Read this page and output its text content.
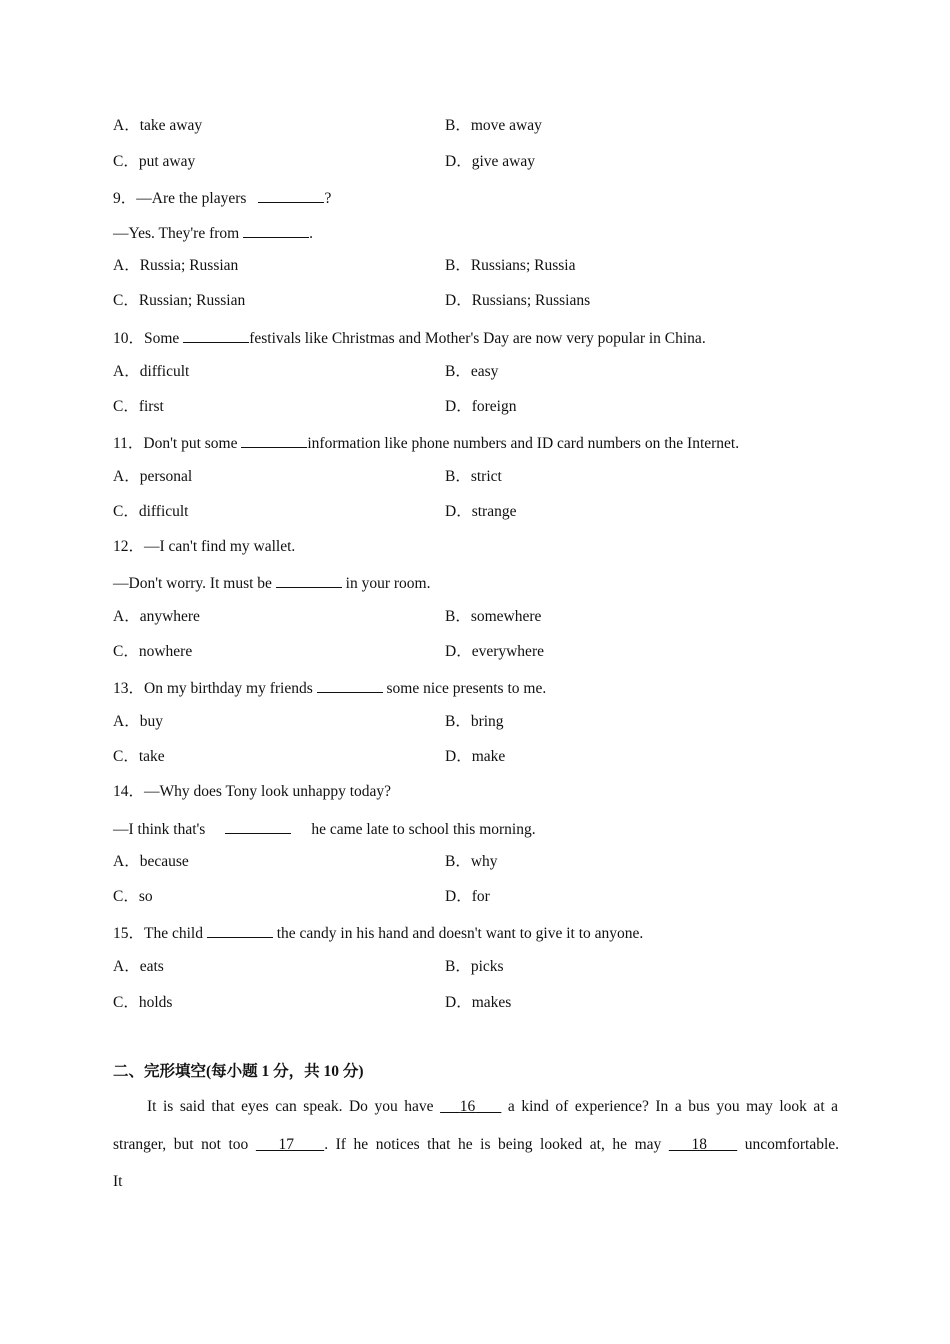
A．take away	B．move away
C．put away	D．give away
9．—Are the players	?
—Yes. They're from	.
A．Russia; Russian	B．Russians; Russia
C．Russian; Russian	D．Russians; Russians
10．Some	festivals like Christmas and Mother's Day are now very popular in China.
A．difficult	B．easy
C．first	D．foreign
11．Don't put some	information like phone numbers and ID card numbers on the Internet.
A．personal	B．strict
C．difficult	D．strange
12．—I can't find my wallet.
—Don't worry. It must be	in your room.
A．anywhere	B．somewhere
C．nowhere	D．everywhere
13．On my birthday my friends	some nice presents to me.
A．buy	B．bring
C．take	D．make
14．—Why does Tony look unhappy today?
—I think that's	he came late to school this morning.
A．because	B．why
C．so	D．for
15．The child	the candy in his hand and doesn't want to give it to anyone.
A．eats	B．picks
C．holds	D．makes
二、完形填空(每小题 1 分，共 10 分)
It is said that eyes can speak. Do you have 16 a kind of experience? In a bus you may look at a
stranger, but not too 17 . If he notices that he is being looked at, he may 18 uncomfortable.
It
